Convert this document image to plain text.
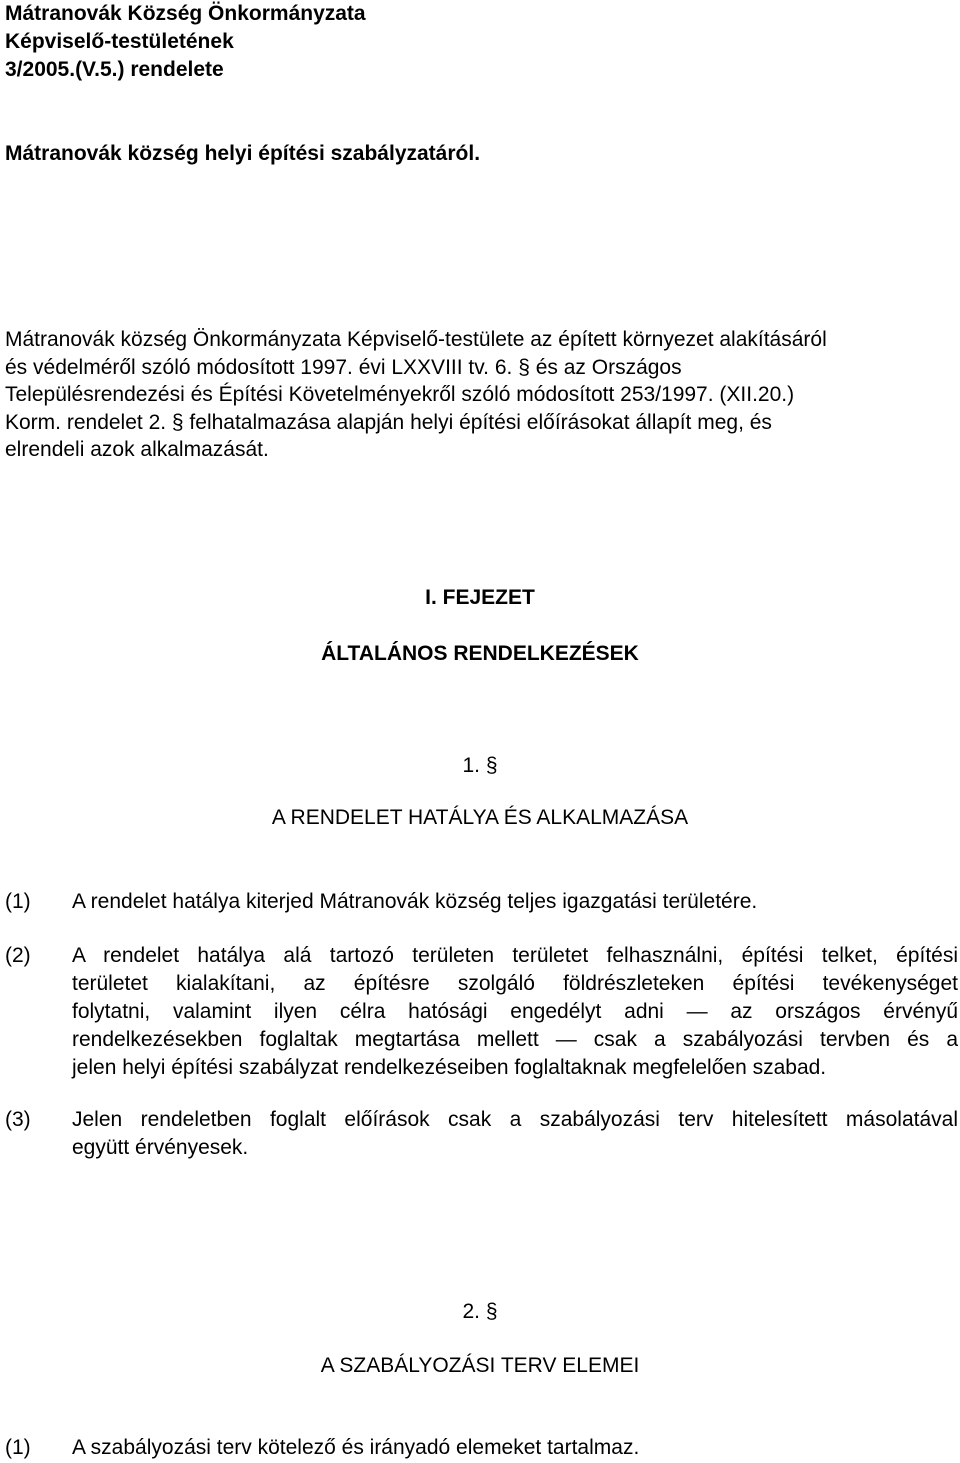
Mátranovák Község Önkormányzata
Képviselő-testületének
3/2005.(V.5.) rendelete
Mátranovák község helyi építési szabályzatáról.
Mátranovák község Önkormányzata Képviselő-testülete az épített környezet alakításáról
és védelméről szóló módosított 1997. évi LXXVIII tv. 6. § és az Országos
Településrendezési és Építési Követelményekről szóló módosított 253/1997. (XII.20.)
Korm. rendelet 2. § felhatalmazása alapján helyi építési előírásokat állapít meg, és
elrendeli azok alkalmazását.
I. FEJEZET
ÁLTALÁNOS RENDELKEZÉSEK
1. §
A RENDELET HATÁLYA ÉS ALKALMAZÁSA
(1)	A rendelet hatálya kiterjed Mátranovák község teljes igazgatási területére.
(2)	A rendelet hatálya alá tartozó területen területet felhasználni, építési telket, építési
területet kialakítani, az építésre szolgáló földrészleteken építési tevékenységet
folytatni, valamint ilyen célra hatósági engedélyt adni — az országos érvényű
rendelkezésekben foglaltak megtartása mellett — csak a szabályozási tervben és a
jelen helyi építési szabályzat rendelkezéseiben foglaltaknak megfelelően szabad.
(3)	Jelen rendeletben foglalt előírások csak a szabályozási terv hitelesített másolatával
együtt érvényesek.
2. §
A SZABÁLYOZÁSI TERV ELEMEI
(1)	A szabályozási terv kötelező és irányadó elemeket tartalmaz.
